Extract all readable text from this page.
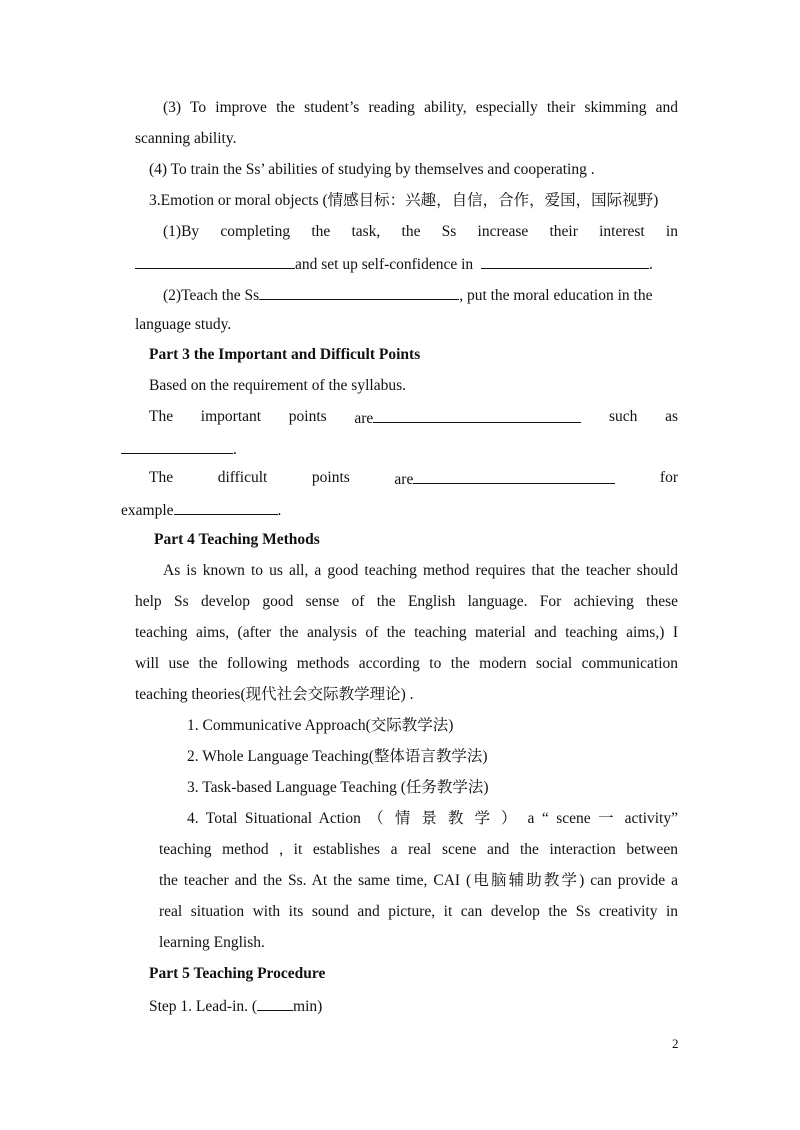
(3) To improve the student’s reading ability, especially their skimming and
scanning ability.
(4) To train the Ss’ abilities of studying by themselves and cooperating .
3.Emotion or moral objects (情感目标：兴趣，自信，合作，爱国，国际视野)
(1)By completing the task, the Ss increase their interest in
and set up self-confidence in	.
(2)Teach the Ss	, put the moral education in the
language study.
Part 3 the Important and Difficult Points
Based on the requirement of the syllabus.
The important points are	such as
.
The	difficult	points	are	for
example	.
Part 4 Teaching Methods
As is known to us all, a good teaching method requires that the teacher should
help Ss develop good sense of the English language. For achieving these
teaching aims, (after the analysis of the teaching material and teaching aims,) I
will use the following methods according to the modern social communication
teaching theories(现代社会交际教学理论) .
1. Communicative Approach(交际教学法)
2. Whole Language Teaching(整体语言教学法)
3. Task-based Language Teaching (任务教学法)
4. Total Situational Action （ 情 景 教 学 ） a “ scene 一 activity”
teaching method , it establishes a real scene and the interaction between
the teacher and the Ss. At the same time, CAI (电脑辅助教学) can provide a
real situation with its sound and picture, it can develop the Ss creativity in
learning English.
Part 5 Teaching Procedure
Step 1. Lead-in. ( min)
2
